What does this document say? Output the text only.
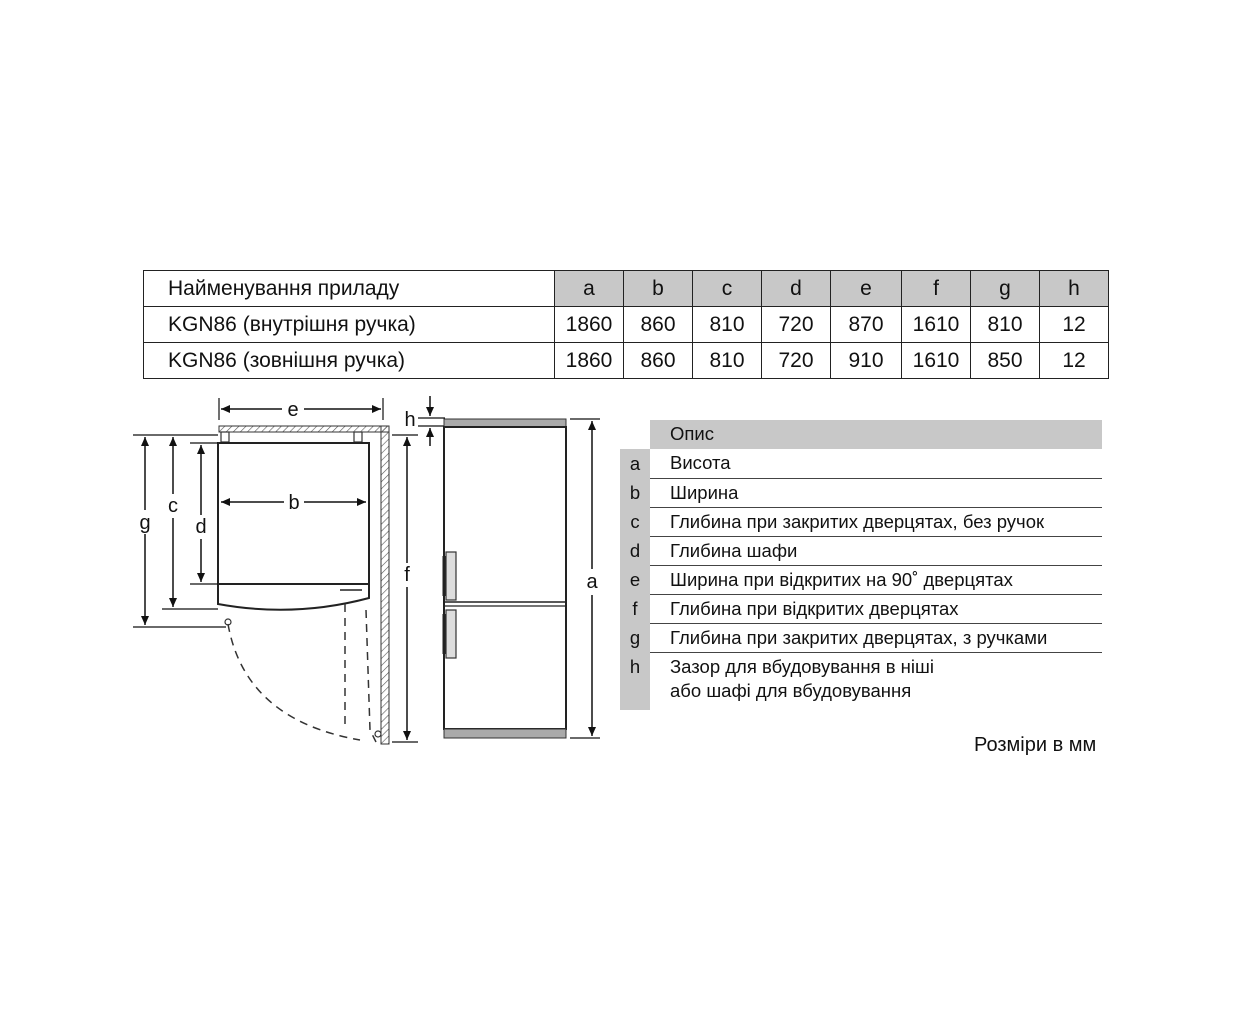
Найменування приладу	a	b	c	d	e	f	g	h
KGN86 (внутрішня ручка)	1860	860	810	720	870	1610	810	12
KGN86 (зовнішня ручка)	1860	860	810	720	910	1610	850	12
e
b
g
c
d
f
h
a
	Опис
a	Висота
b	Ширина
c	Глибина при закритих дверцятах, без ручок
d	Глибина шафи
e	Ширина при відкритих на 90˚ дверцятах
f	Глибина при відкритих дверцятах
g	Глибина при закритих дверцятах, з ручками
h	Зазор для вбудовування в ніші
або шафі для вбудовування
Розміри в мм
